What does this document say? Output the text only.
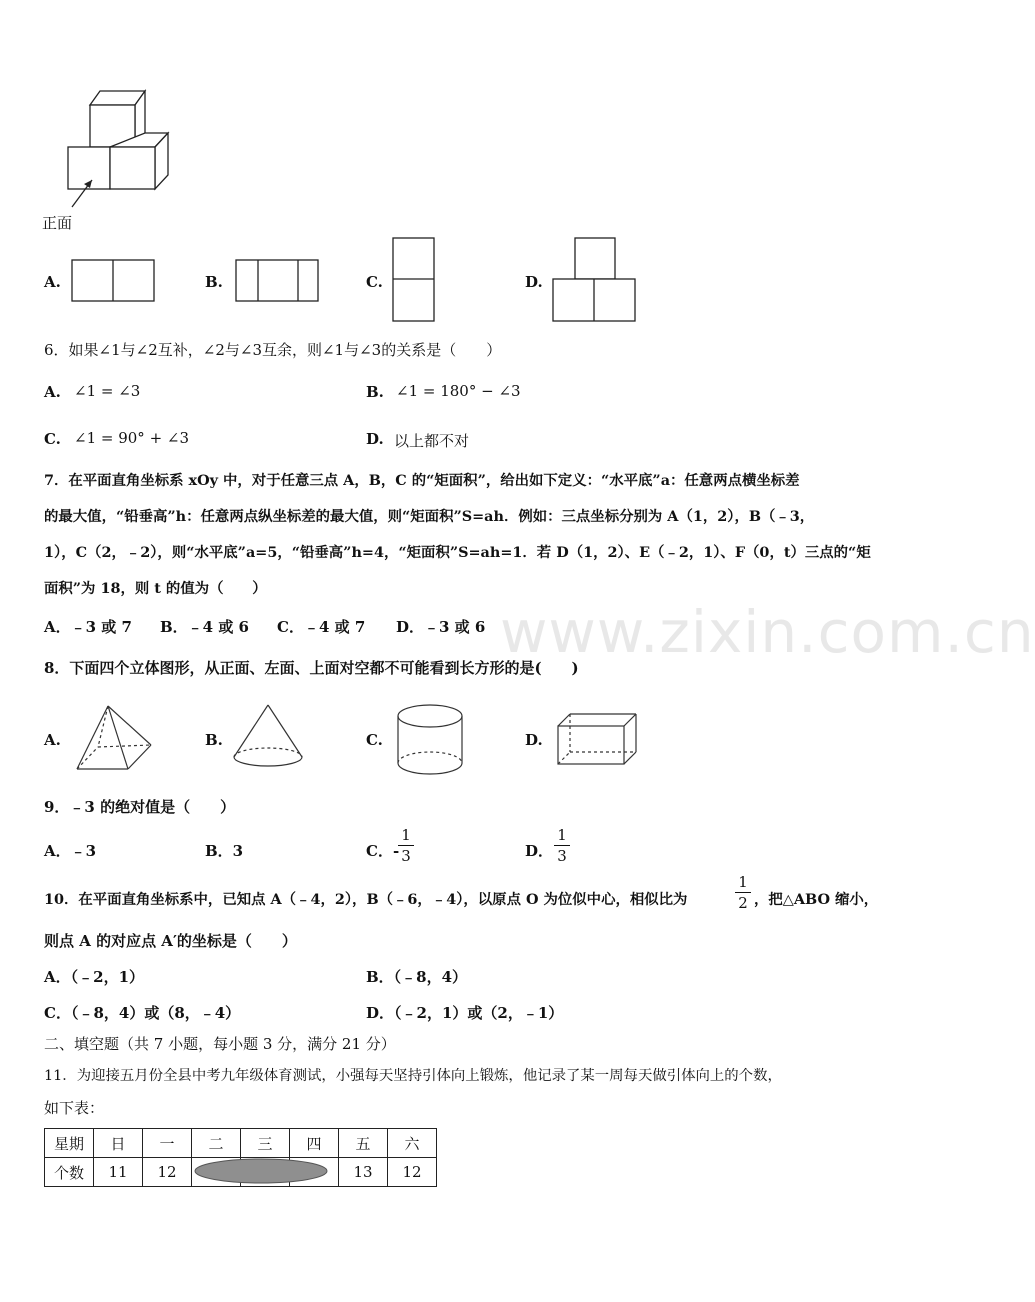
www.zixin.com.cn
正面
A.	B.	C.	D.
6．如果∠1与∠2互补，∠2与∠3互余，则∠1与∠3的关系是（　　）
A. ∠1 = ∠3	B. ∠1 = 180° − ∠3
C. ∠1 = 90° + ∠3	D. 以上都不对
7．在平面直角坐标系 xOy 中，对于任意三点 A，B，C 的“矩面积”，给出如下定义：“水平底”a：任意两点横坐标差
的最大值，“铅垂高”h：任意两点纵坐标差的最大值，则“矩面积”S=ah．例如：三点坐标分别为 A（1，2），B（﹣3，
1），C（2，﹣2），则“水平底”a=5，“铅垂高”h=4，“矩面积”S=ah=1．若 D（1，2）、E（﹣2，1）、F（0，t）三点的“矩
面积”为 18，则 t 的值为（　　）
A．﹣3 或 7 B．﹣4 或 6 C．﹣4 或 7 D．﹣3 或 6
8．下面四个立体图形，从正面、左面、上面对空都不可能看到长方形的是(　　)
A.	B.	C.	D.
9．﹣3 的绝对值是（　　）
A．﹣3	B．3	C．-
1
3	D．
1
3
10．在平面直角坐标系中，已知点 A（﹣4，2），B（﹣6，﹣4），以原点 O 为位似中心，相似比为
1
2 ，把△ABO 缩小，
则点 A 的对应点 A′的坐标是（　　）
A．（﹣2，1）	B．（﹣8，4）
C．（﹣8，4）或（8，﹣4）	D．（﹣2，1）或（2，﹣1）
二、填空题（共 7 小题，每小题 3 分，满分 21 分）
11．为迎接五月份全县中考九年级体育测试，小强每天坚持引体向上锻炼，他记录了某一周每天做引体向上的个数，
如下表：
星期	日	一	二	三	四	五	六
个数	11	12				13	12
